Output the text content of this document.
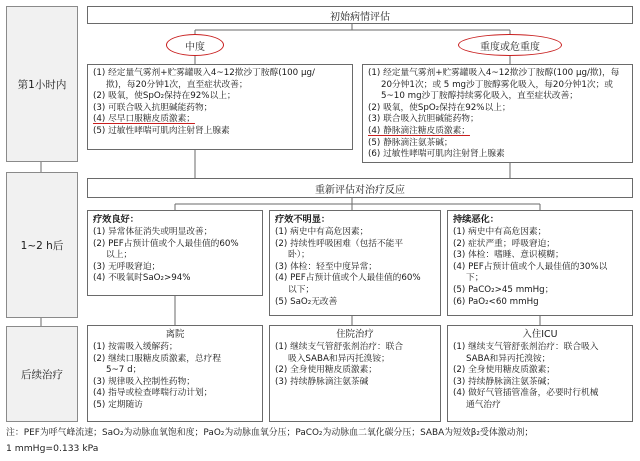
第1小时内
1~2 h后
后续治疗
初始病情评估
中度	重度或危重度
(1) 经定量气雾剂+贮雾罐吸入4~12揿沙丁胺醇(100 μg/
揿)，每20分钟1次，直至症状改善；
(2) 吸氧，使SpO₂保持在92%以上；
(3) 可联合吸入抗胆碱能药物；
(4) 尽早口服糖皮质激素；
(5) 过敏性哮喘可肌肉注射肾上腺素
(1) 经定量气雾剂+贮雾罐吸入4~12揿沙丁胺醇(100 μg/揿)，每
20分钟1次；或 5 mg沙丁胺醇雾化吸入，每20分钟1次；或
5~10 mg沙丁胺醇持续雾化吸入，直至症状改善；
(2) 吸氧，使SpO₂保持在92%以上；
(3) 联合吸入抗胆碱能药物；
(4) 静脉滴注糖皮质激素；
(5) 静脉滴注氨茶碱；
(6) 过敏性哮喘可肌肉注射肾上腺素
重新评估对治疗反应
疗效良好：
(1) 异常体征消失或明显改善；
(2) PEF占预计值或个人最佳值的60%
以上；
(3) 无呼吸窘迫；
(4) 不吸氧时SaO₂>94%
疗效不明显：
(1) 病史中有高危因素；
(2) 持续性呼吸困难（包括不能平
卧）；
(3) 体检：轻至中度异常；
(4) PEF占预计值或个人最佳值的60%
以下；
(5) SaO₂无改善
持续恶化：
(1) 病史中有高危因素；
(2) 症状严重；呼吸窘迫；
(3) 体检：嗜睡、意识模糊；
(4) PEF占预计值或个人最佳值的30%以
下；
(5) PaCO₂>45 mmHg；
(6) PaO₂<60 mmHg
离院
(1) 按需吸入缓解药；
(2) 继续口服糖皮质激素，总疗程
5~7 d；
(3) 规律吸入控制性药物；
(4) 指导或检查哮喘行动计划；
(5) 定期随访
住院治疗
(1) 继续支气管舒张剂治疗：联合
吸入SABA和异丙托溴铵；
(2) 全身使用糖皮质激素；
(3) 持续静脉滴注氨茶碱
入住ICU
(1) 继续支气管舒张剂治疗：联合吸入
SABA和异丙托溴铵；
(2) 全身使用糖皮质激素；
(3) 持续静脉滴注氨茶碱；
(4) 做好气管插管准备，必要时行机械
通气治疗
注：PEF为呼气峰流速；SaO₂为动脉血氧饱和度；PaO₂为动脉血氧分压；PaCO₂为动脉血二氧化碳分压；SABA为短效β₂受体激动剂；
1 mmHg=0.133 kPa
